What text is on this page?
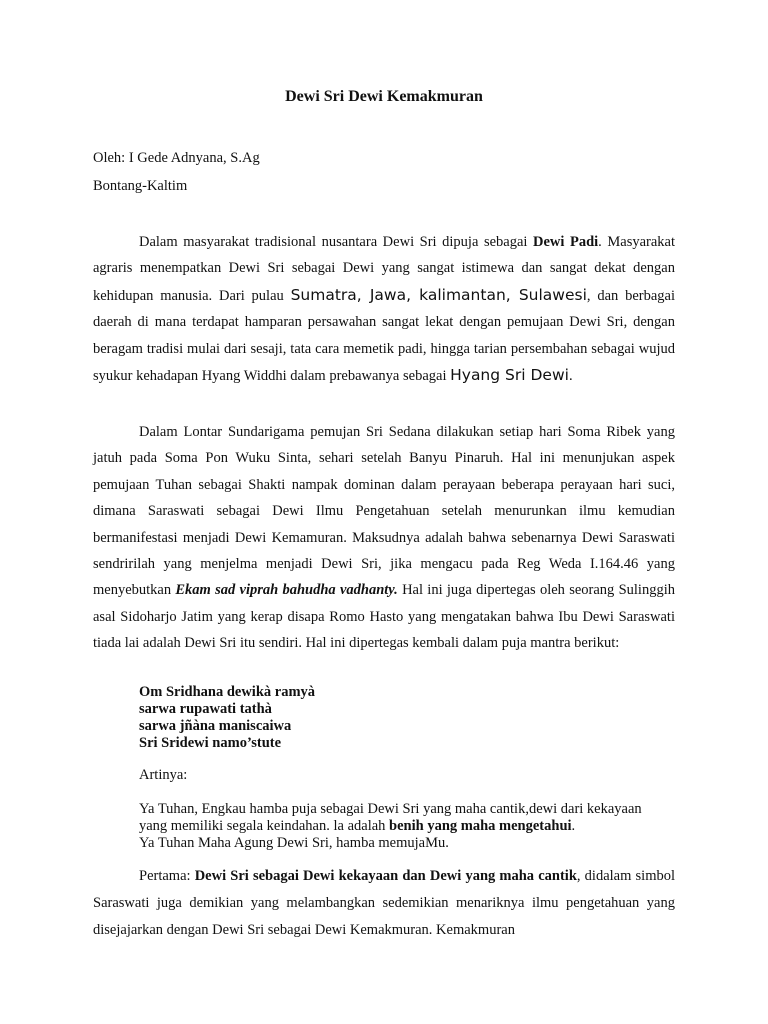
Dewi Sri Dewi Kemakmuran
Oleh: I Gede Adnyana, S.Ag
Bontang-Kaltim

Dalam masyarakat tradisional nusantara Dewi Sri dipuja sebagai Dewi Padi. Masyarakat agraris menempatkan Dewi Sri sebagai Dewi yang sangat istimewa dan sangat dekat dengan kehidupan manusia. Dari pulau Sumatra, Jawa, kalimantan, Sulawesi, dan berbagai daerah di mana terdapat hamparan persawahan sangat lekat dengan pemujaan Dewi Sri, dengan beragam tradisi mulai dari sesaji, tata cara memetik padi, hingga tarian persembahan sebagai wujud syukur kehadapan Hyang Widdhi dalam prebawanya sebagai Hyang Sri Dewi.

Dalam Lontar Sundarigama pemujan Sri Sedana dilakukan setiap hari Soma Ribek yang jatuh pada Soma Pon Wuku Sinta, sehari setelah Banyu Pinaruh. Hal ini menunjukan aspek pemujaan Tuhan sebagai Shakti nampak dominan dalam perayaan beberapa perayaan hari suci, dimana Saraswati sebagai Dewi Ilmu Pengetahuan setelah menurunkan ilmu kemudian bermanifestasi menjadi Dewi Kemamuran. Maksudnya adalah bahwa sebenarnya Dewi Saraswati sendririlah yang menjelma menjadi Dewi Sri, jika mengacu pada Reg Weda I.164.46 yang menyebutkan Ekam sad viprah bahudha vadhanty. Hal ini juga dipertegas oleh seorang Sulinggih asal Sidoharjo Jatim yang kerap disapa Romo Hasto yang mengatakan bahwa Ibu Dewi Saraswati tiada lai adalah Dewi Sri itu sendiri. Hal ini dipertegas kembali dalam puja mantra berikut:

Om Sridhana dewikà ramyà
sarwa rupawati tathà
sarwa jñàna maniscaiwa
Sri Sridewi namo’stute
Artinya:
Ya Tuhan, Engkau hamba puja sebagai Dewi Sri yang maha cantik,dewi dari kekayaan yang memiliki segala keindahan. la adalah benih yang maha mengetahui.
Ya Tuhan Maha Agung Dewi Sri, hamba memujaMu.

Pertama: Dewi Sri sebagai Dewi kekayaan dan Dewi yang maha cantik, didalam simbol Saraswati juga demikian yang melambangkan sedemikian menariknya ilmu pengetahuan yang disejajarkan dengan Dewi Sri sebagai Dewi Kemakmuran. Kemakmuran
